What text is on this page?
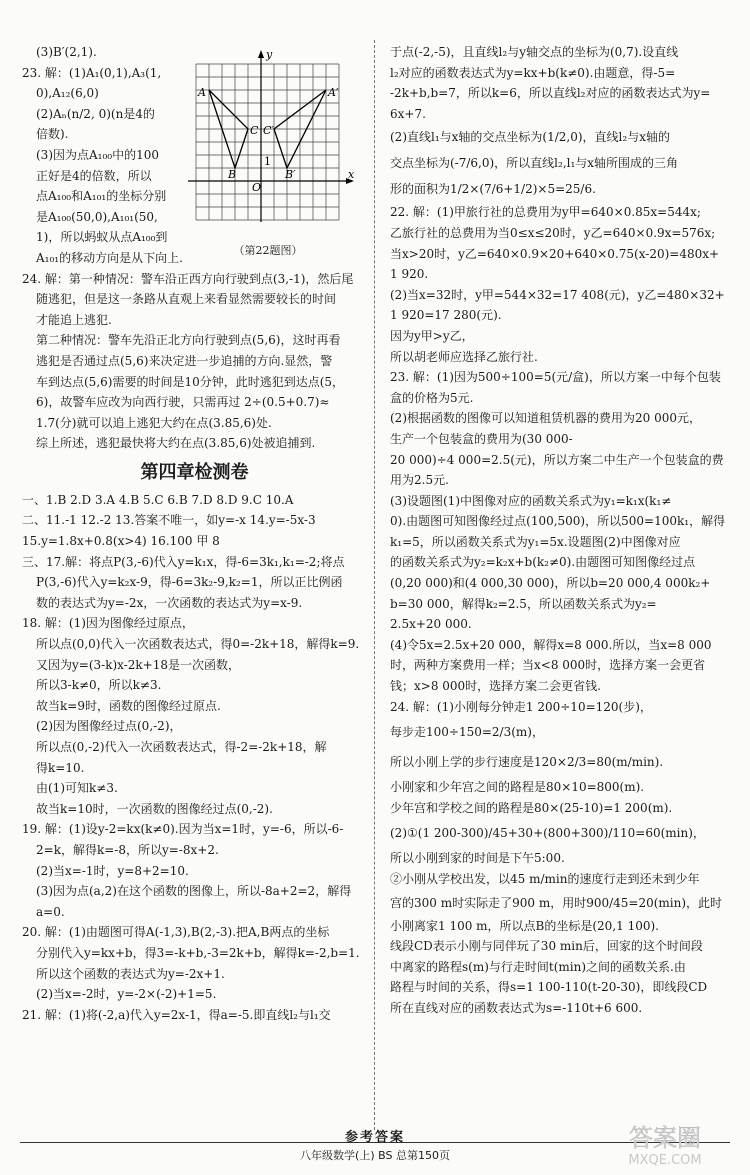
(3)B′(2,1).

23. 解：(1)A₁(0,1),A₃(1,

0),A₁₂(6,0)

(2)Aₙ(n/2, 0)(n是4的

倍数).

(3)因为点A₁₀₀中的100

正好是4的倍数，所以

点A₁₀₀和A₁₀₁的坐标分别

是A₁₀₀(50,0),A₁₀₁(50,

1)，所以蚂蚁从点A₁₀₀到

A₁₀₁的移动方向是从下向上.

24. 解：第一种情况：警车沿正西方向行驶到点(3,-1)，然后尾

随逃犯，但是这一条路从直观上来看显然需要较长的时间

才能追上逃犯.

第二种情况：警车先沿正北方向行驶到点(5,6)，这时再看

逃犯是否通过点(5,6)来决定进一步追捕的方向.显然，警

车到达点(5,6)需要的时间是10分钟，此时逃犯到达点(5，

6)，故警车应改为向西行驶，只需再过 2÷(0.5+0.7)≈

1.7(分)就可以追上逃犯大约在点(3.85,6)处.

综上所述，逃犯最快将大约在点(3.85,6)处被追捕到.

第四章检测卷

一、1.B 2.D 3.A 4.B 5.C 6.B 7.D 8.D 9.C 10.A

二、11.-1 12.-2 13.答案不唯一，如y=-x 14.y=-5x-3

15.y=1.8x+0.8(x>4) 16.100 甲 8

三、17.解：将点P(3,-6)代入y=k₁x，得-6=3k₁,k₁=-2;将点

P(3,-6)代入y=k₂x-9，得-6=3k₂-9,k₂=1，所以正比例函

数的表达式为y=-2x，一次函数的表达式为y=x-9.

18. 解：(1)因为图像经过原点，

所以点(0,0)代入一次函数表达式，得0=-2k+18，解得k=9.

又因为y=(3-k)x-2k+18是一次函数，

所以3-k≠0，所以k≠3.

故当k=9时，函数的图像经过原点.

(2)因为图像经过点(0,-2)，

所以点(0,-2)代入一次函数表达式，得-2=-2k+18，解

得k=10.

由(1)可知k≠3.

故当k=10时，一次函数的图像经过点(0,-2).

19. 解：(1)设y-2=kx(k≠0).因为当x=1时，y=-6，所以-6-

2=k，解得k=-8，所以y=-8x+2.

(2)当x=-1时，y=8+2=10.

(3)因为点(a,2)在这个函数的图像上，所以-8a+2=2，解得

a=0.

20. 解：(1)由题图可得A(-1,3),B(2,-3).把A,B两点的坐标

分别代入y=kx+b，得3=-k+b,-3=2k+b，解得k=-2,b=1.

所以这个函数的表达式为y=-2x+1.

(2)当x=-2时，y=-2×(-2)+1=5.

21. 解：(1)将(-2,a)代入y=2x-1，得a=-5.即直线l₂与l₁交

A	A′
B	B′
C C′
O
1
x
y
（第22题图）

于点(-2,-5)，且直线l₂与y轴交点的坐标为(0,7).设直线

l₂对应的函数表达式为y=kx+b(k≠0).由题意，得-5=

-2k+b,b=7，所以k=6，所以直线l₂对应的函数表达式为y=

6x+7.

(2)直线l₁与x轴的交点坐标为(1/2,0)，直线l₂与x轴的

交点坐标为(-7/6,0)，所以直线l₂,l₁与x轴所围成的三角

形的面积为1/2×(7/6+1/2)×5=25/6.

22. 解：(1)甲旅行社的总费用为y甲=640×0.85x=544x;

乙旅行社的总费用为当0≤x≤20时，y乙=640×0.9x=576x;

当x>20时，y乙=640×0.9×20+640×0.75(x-20)=480x+

1 920.

(2)当x=32时，y甲=544×32=17 408(元)，y乙=480×32+

1 920=17 280(元).

因为y甲>y乙，

所以胡老师应选择乙旅行社.

23. 解：(1)因为500÷100=5(元/盒)，所以方案一中每个包装

盒的价格为5元.

(2)根据函数的图像可以知道租赁机器的费用为20 000元，

生产一个包装盒的费用为(30 000-

20 000)÷4 000=2.5(元)，所以方案二中生产一个包装盒的费

用为2.5元.

(3)设题图(1)中图像对应的函数关系式为y₁=k₁x(k₁≠

0).由题图可知图像经过点(100,500)，所以500=100k₁，解得

k₁=5，所以函数关系式为y₁=5x.设题图(2)中图像对应

的函数关系式为y₂=k₂x+b(k₂≠0).由题图可知图像经过点

(0,20 000)和(4 000,30 000)，所以b=20 000,4 000k₂+

b=30 000，解得k₂=2.5，所以函数关系式为y₂=

2.5x+20 000.

(4)令5x=2.5x+20 000，解得x=8 000.所以，当x=8 000

时，两种方案费用一样；当x<8 000时，选择方案一会更省

钱；x>8 000时，选择方案二会更省钱.

24. 解：(1)小刚每分钟走1 200÷10=120(步)，

每步走100÷150=2/3(m)，

所以小刚上学的步行速度是120×2/3=80(m/min).

小刚家和少年宫之间的路程是80×10=800(m).

少年宫和学校之间的路程是80×(25-10)=1 200(m).

(2)①(1 200-300)/45+30+(800+300)/110=60(min)，

所以小刚到家的时间是下午5:00.

②小刚从学校出发，以45 m/min的速度行走到还未到少年

宫的300 m时实际走了900 m，用时900/45=20(min)，此时

小刚离家1 100 m，所以点B的坐标是(20,1 100).

线段CD表示小刚与同伴玩了30 min后，回家的这个时间段

中离家的路程s(m)与行走时间t(min)之间的函数关系.由

路程与时间的关系，得s=1 100-110(t-20-30)，即线段CD

所在直线对应的函数表达式为s=-110t+6 600.

参考答案
八年级数学(上) BS 总第150页
答案圈
MXQE.COM
